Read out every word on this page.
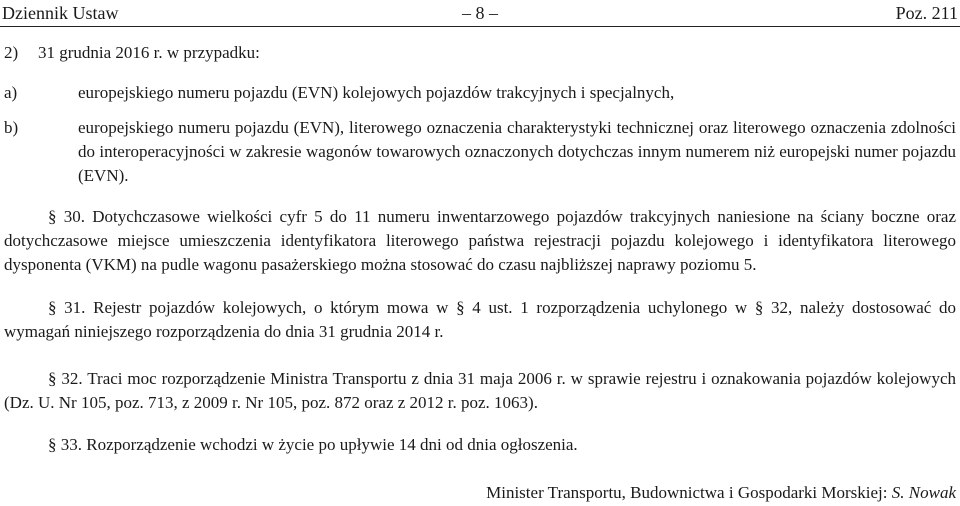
Dziennik Ustaw	– 8 –	Poz. 211
2) 31 grudnia 2016 r. w przypadku:
a)	europejskiego numeru pojazdu (EVN) kolejowych pojazdów trakcyjnych i specjalnych,
b)	europejskiego numeru pojazdu (EVN), literowego oznaczenia charakterystyki technicznej oraz literowego oznaczenia zdolności do interoperacyjności w zakresie wagonów towarowych oznaczonych dotychczas innym numerem niż europejski numer pojazdu (EVN).
§ 30. Dotychczasowe wielkości cyfr 5 do 11 numeru inwentarzowego pojazdów trakcyjnych naniesione na ściany boczne oraz dotychczasowe miejsce umieszczenia identyfikatora literowego państwa rejestracji pojazdu kolejowego i identyfikatora literowego dysponenta (VKM) na pudle wagonu pasażerskiego można stosować do czasu najbliższej naprawy poziomu 5.
§ 31. Rejestr pojazdów kolejowych, o którym mowa w § 4 ust. 1 rozporządzenia uchylonego w § 32, należy dostosować do wymagań niniejszego rozporządzenia do dnia 31 grudnia 2014 r.
§ 32. Traci moc rozporządzenie Ministra Transportu z dnia 31 maja 2006 r. w sprawie rejestru i oznakowania pojazdów kolejowych (Dz. U. Nr 105, poz. 713, z 2009 r. Nr 105, poz. 872 oraz z 2012 r. poz. 1063).
§ 33. Rozporządzenie wchodzi w życie po upływie 14 dni od dnia ogłoszenia.
Minister Transportu, Budownictwa i Gospodarki Morskiej: S. Nowak
